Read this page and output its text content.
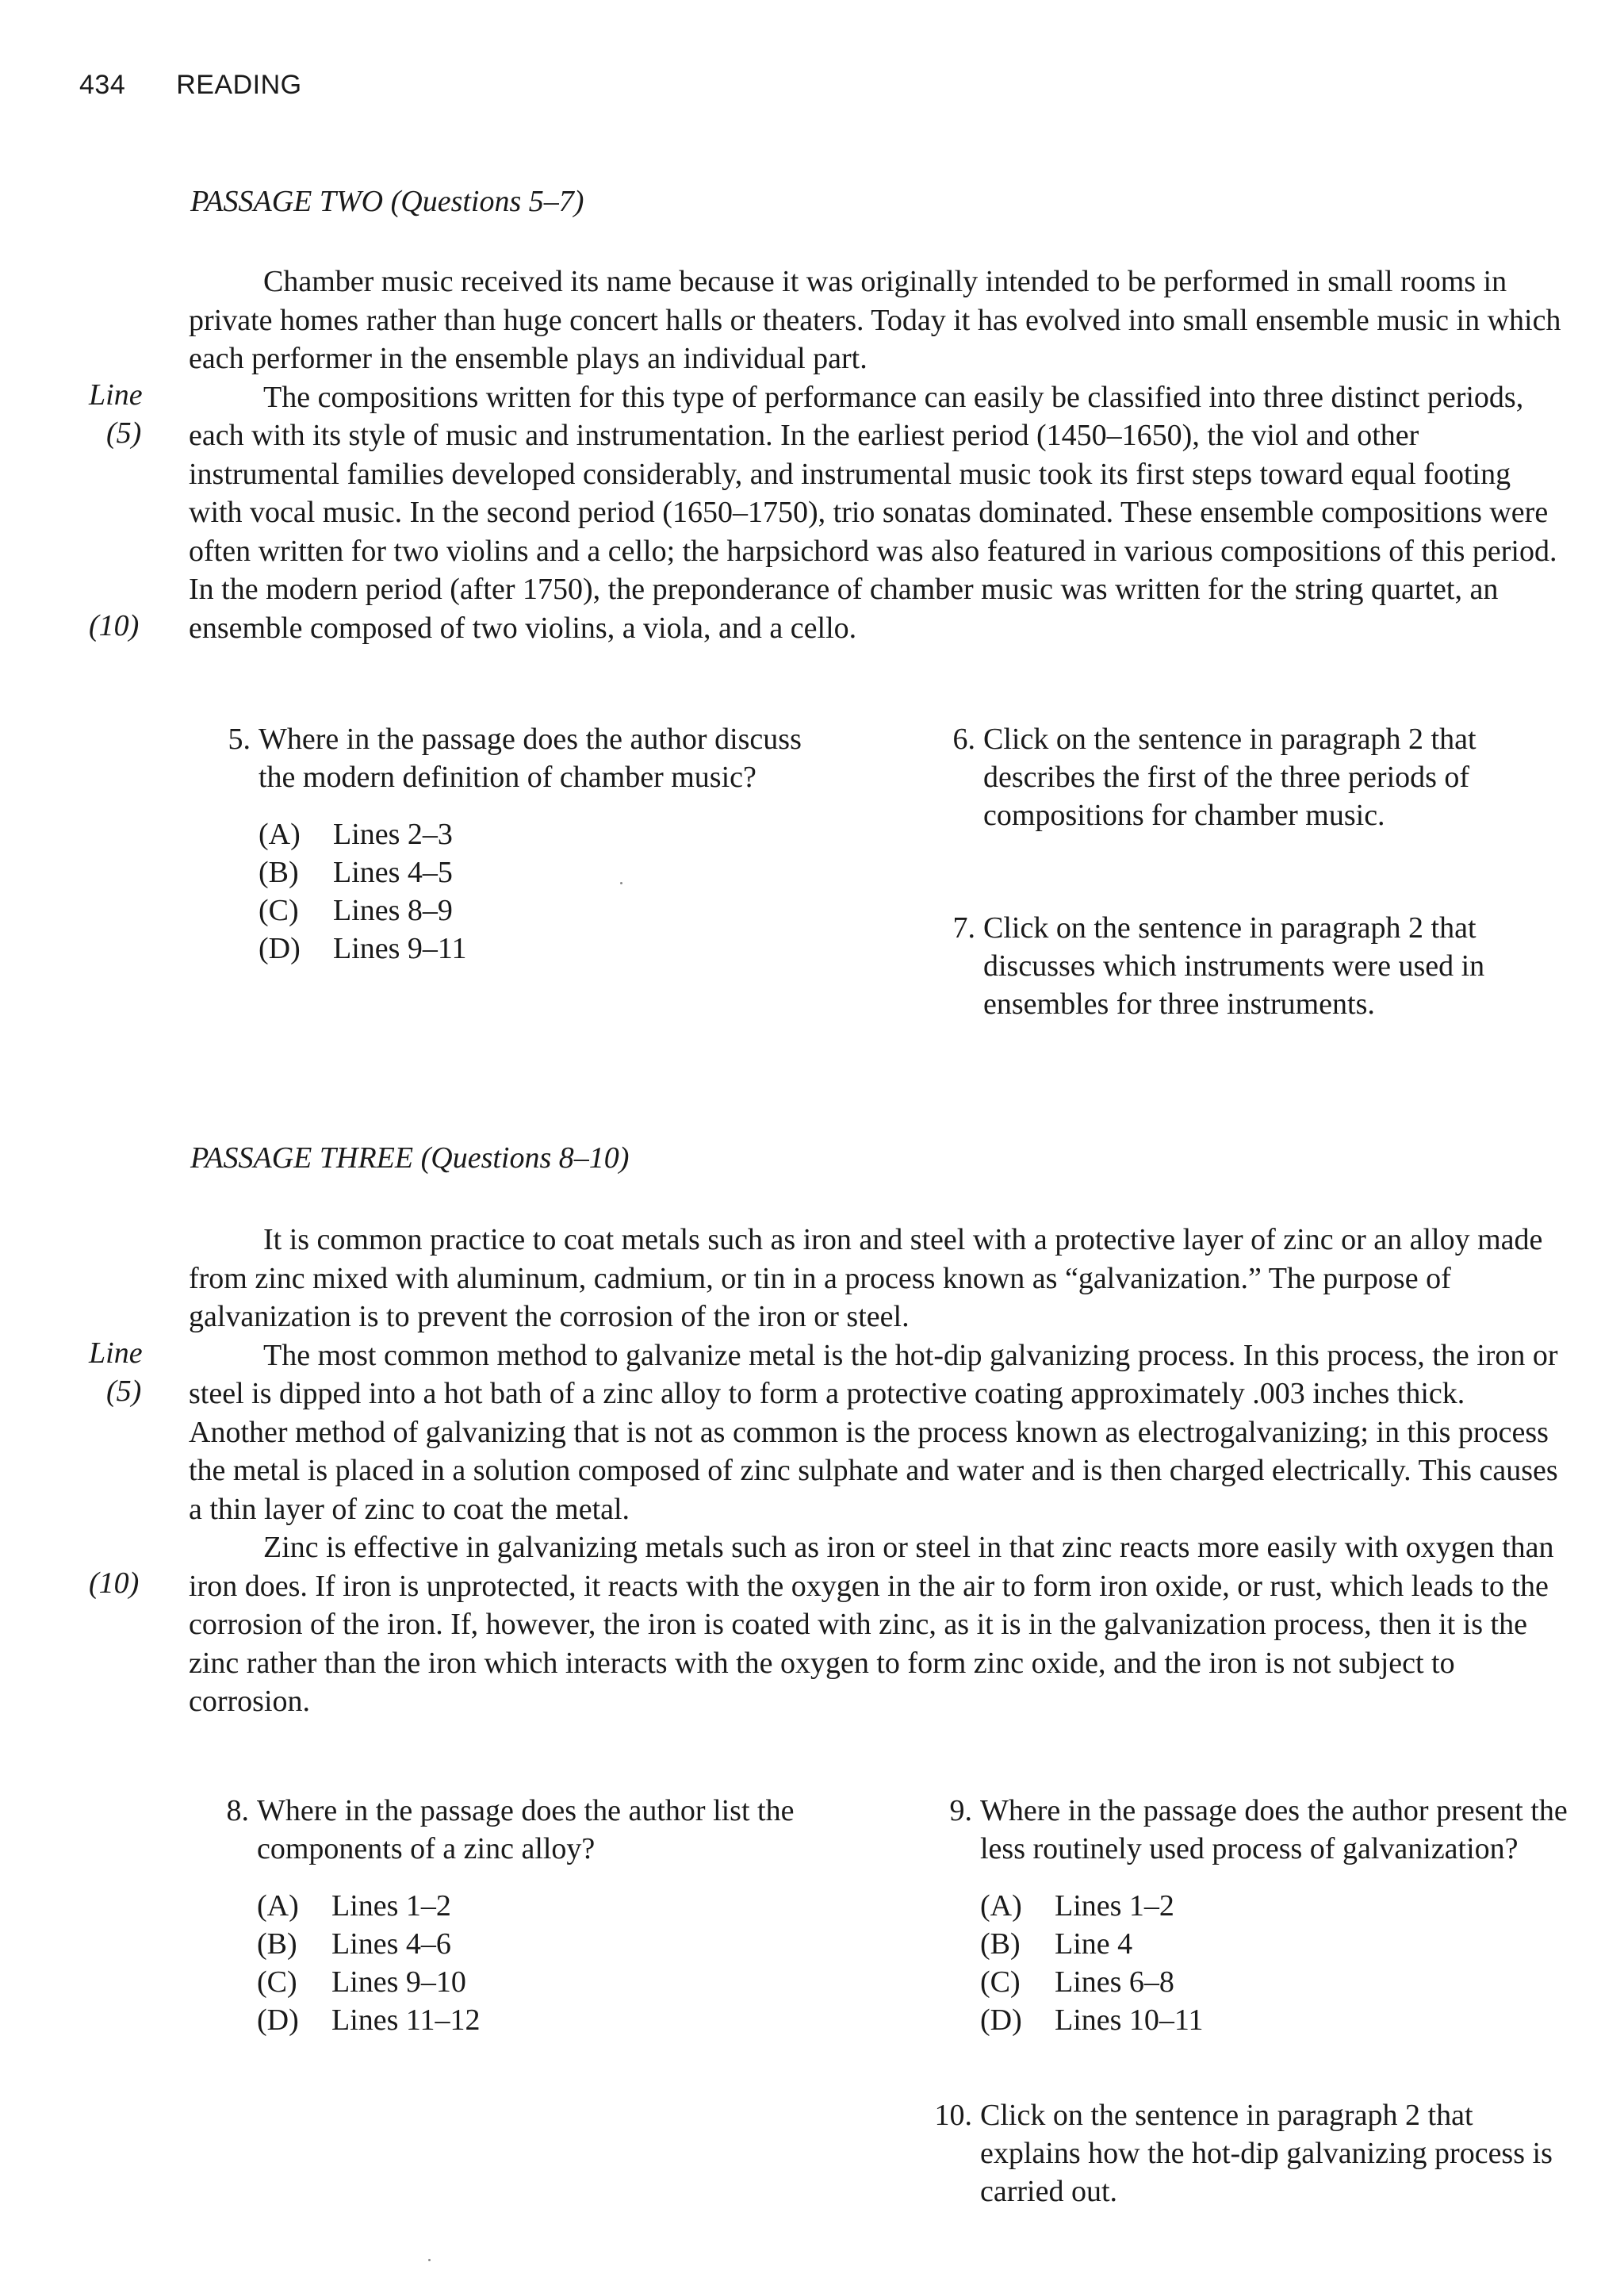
434 READING
PASSAGE TWO (Questions 5–7)
Line
(5)
(10)

Chamber music received its name because it was originally intended to be performed in small rooms in private homes rather than huge concert halls or theaters. Today it has evolved into small ensemble music in which each performer in the ensemble plays an individual part.

The compositions written for this type of performance can easily be classified into three distinct periods, each with its style of music and instrumentation. In the earliest period (1450–1650), the viol and other instrumental families developed considerably, and instrumental music took its first steps toward equal footing with vocal music. In the second period (1650–1750), trio sonatas dominated. These ensemble compositions were often written for two violins and a cello; the harpsichord was also featured in various compositions of this period. In the modern period (after 1750), the preponderance of chamber music was written for the string quartet, an ensemble composed of two violins, a viola, and a cello.

5. Where in the passage does the author discuss the modern definition of chamber music?

(A) Lines 2–3
(B) Lines 4–5
(C) Lines 8–9
(D) Lines 9–11
6. Click on the sentence in paragraph 2 that describes the first of the three periods of compositions for chamber music.

7. Click on the sentence in paragraph 2 that discusses which instruments were used in ensembles for three instruments.

PASSAGE THREE (Questions 8–10)
Line
(5)
(10)

It is common practice to coat metals such as iron and steel with a protective layer of zinc or an alloy made from zinc mixed with aluminum, cadmium, or tin in a process known as “galvanization.” The purpose of galvanization is to prevent the corrosion of the iron or steel.

The most common method to galvanize metal is the hot-dip galvanizing process. In this process, the iron or steel is dipped into a hot bath of a zinc alloy to form a protective coating approximately .003 inches thick. Another method of galvanizing that is not as common is the process known as electrogalvanizing; in this process the metal is placed in a solution composed of zinc sulphate and water and is then charged electrically. This causes a thin layer of zinc to coat the metal.

Zinc is effective in galvanizing metals such as iron or steel in that zinc reacts more easily with oxygen than iron does. If iron is unprotected, it reacts with the oxygen in the air to form iron oxide, or rust, which leads to the corrosion of the iron. If, however, the iron is coated with zinc, as it is in the galvanization process, then it is the zinc rather than the iron which interacts with the oxygen to form zinc oxide, and the iron is not subject to corrosion.

8. Where in the passage does the author list the components of a zinc alloy?

(A) Lines 1–2
(B) Lines 4–6
(C) Lines 9–10
(D) Lines 11–12
9. Where in the passage does the author present the less routinely used process of galvanization?

(A) Lines 1–2
(B) Line 4
(C) Lines 6–8
(D) Lines 10–11
10. Click on the sentence in paragraph 2 that explains how the hot-dip galvanizing process is carried out.
